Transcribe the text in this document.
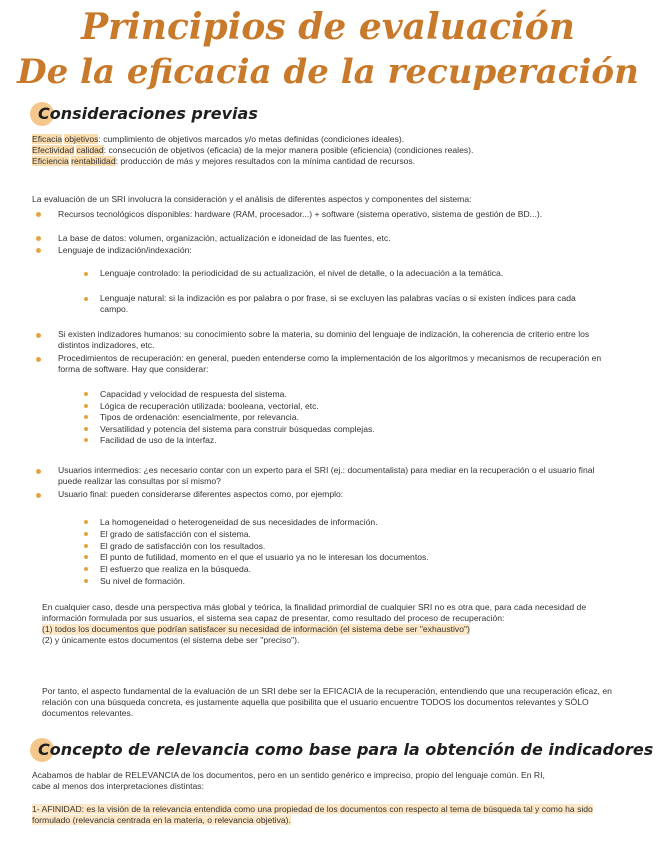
Principios de evaluación
De la eficacia de la recuperación
Consideraciones previas
Eficacia objetivos: cumplimiento de objetivos marcados y/o metas definidas (condiciones ideales).
Efectividad calidad: consecución de objetivos (eficacia) de la mejor manera posible (eficiencia) (condiciones reales).
Eficiencia rentabilidad: producción de más y mejores resultados con la mínima cantidad de recursos.
La evaluación de un SRI involucra la consideración y el análisis de diferentes aspectos y componentes del sistema:
Recursos tecnológicos disponibles: hardware (RAM, procesador...) + software (sistema operativo, sistema de gestión de BD...).
La base de datos: volumen, organización, actualización e idoneidad de las fuentes, etc.
Lenguaje de indización/indexación:
Lenguaje controlado: la periodicidad de su actualización, el nivel de detalle, o la adecuación a la temática.
Lenguaje natural: si la indización es por palabra o por frase, si se excluyen las palabras vacías o si existen índices para cada campo.
Si existen indizadores humanos: su conocimiento sobre la materia, su dominio del lenguaje de indización, la coherencia de criterio entre los distintos indizadores, etc.
Procedimientos de recuperación: en general, pueden entenderse como la implementación de los algoritmos y mecanismos de recuperación en forma de software. Hay que considerar:
Capacidad y velocidad de respuesta del sistema.
Lógica de recuperación utilizada: booleana, vectorial, etc.
Tipos de ordenación: esencialmente, por relevancia.
Versatilidad y potencia del sistema para construir búsquedas complejas.
Facilidad de uso de la interfaz.
Usuarios intermedios: ¿es necesario contar con un experto para el SRI (ej.: documentalista) para mediar en la recuperación o el usuario final puede realizar las consultas por sí mismo?
Usuario final: pueden considerarse diferentes aspectos como, por ejemplo:
La homogeneidad o heterogeneidad de sus necesidades de información.
El grado de satisfacción con el sistema.
El grado de satisfacción con los resultados.
El punto de futilidad, momento en el que el usuario ya no le interesan los documentos.
El esfuerzo que realiza en la búsqueda.
Su nivel de formación.
En cualquier caso, desde una perspectiva más global y teórica, la finalidad primordial de cualquier SRI no es otra que, para cada necesidad de información formulada por sus usuarios, el sistema sea capaz de presentar, como resultado del proceso de recuperación:
(1) todos los documentos que podrían satisfacer su necesidad de información (el sistema debe ser "exhaustivo")
(2) y únicamente estos documentos (el sistema debe ser "preciso").
Por tanto, el aspecto fundamental de la evaluación de un SRI debe ser la EFICACIA de la recuperación, entendiendo que una recuperación eficaz, en relación con una búsqueda concreta, es justamente aquella que posibilita que el usuario encuentre TODOS los documentos relevantes y SÓLO documentos relevantes.
Concepto de relevancia como base para la obtención de indicadores
Acabamos de hablar de RELEVANCIA de los documentos, pero en un sentido genérico e impreciso, propio del lenguaje común. En RI, cabe al menos dos interpretaciones distintas:
1- AFINIDAD: es la visión de la relevancia entendida como una propiedad de los documentos con respecto al tema de búsqueda tal y como ha sido formulado (relevancia centrada en la materia, o relevancia objetiva).
